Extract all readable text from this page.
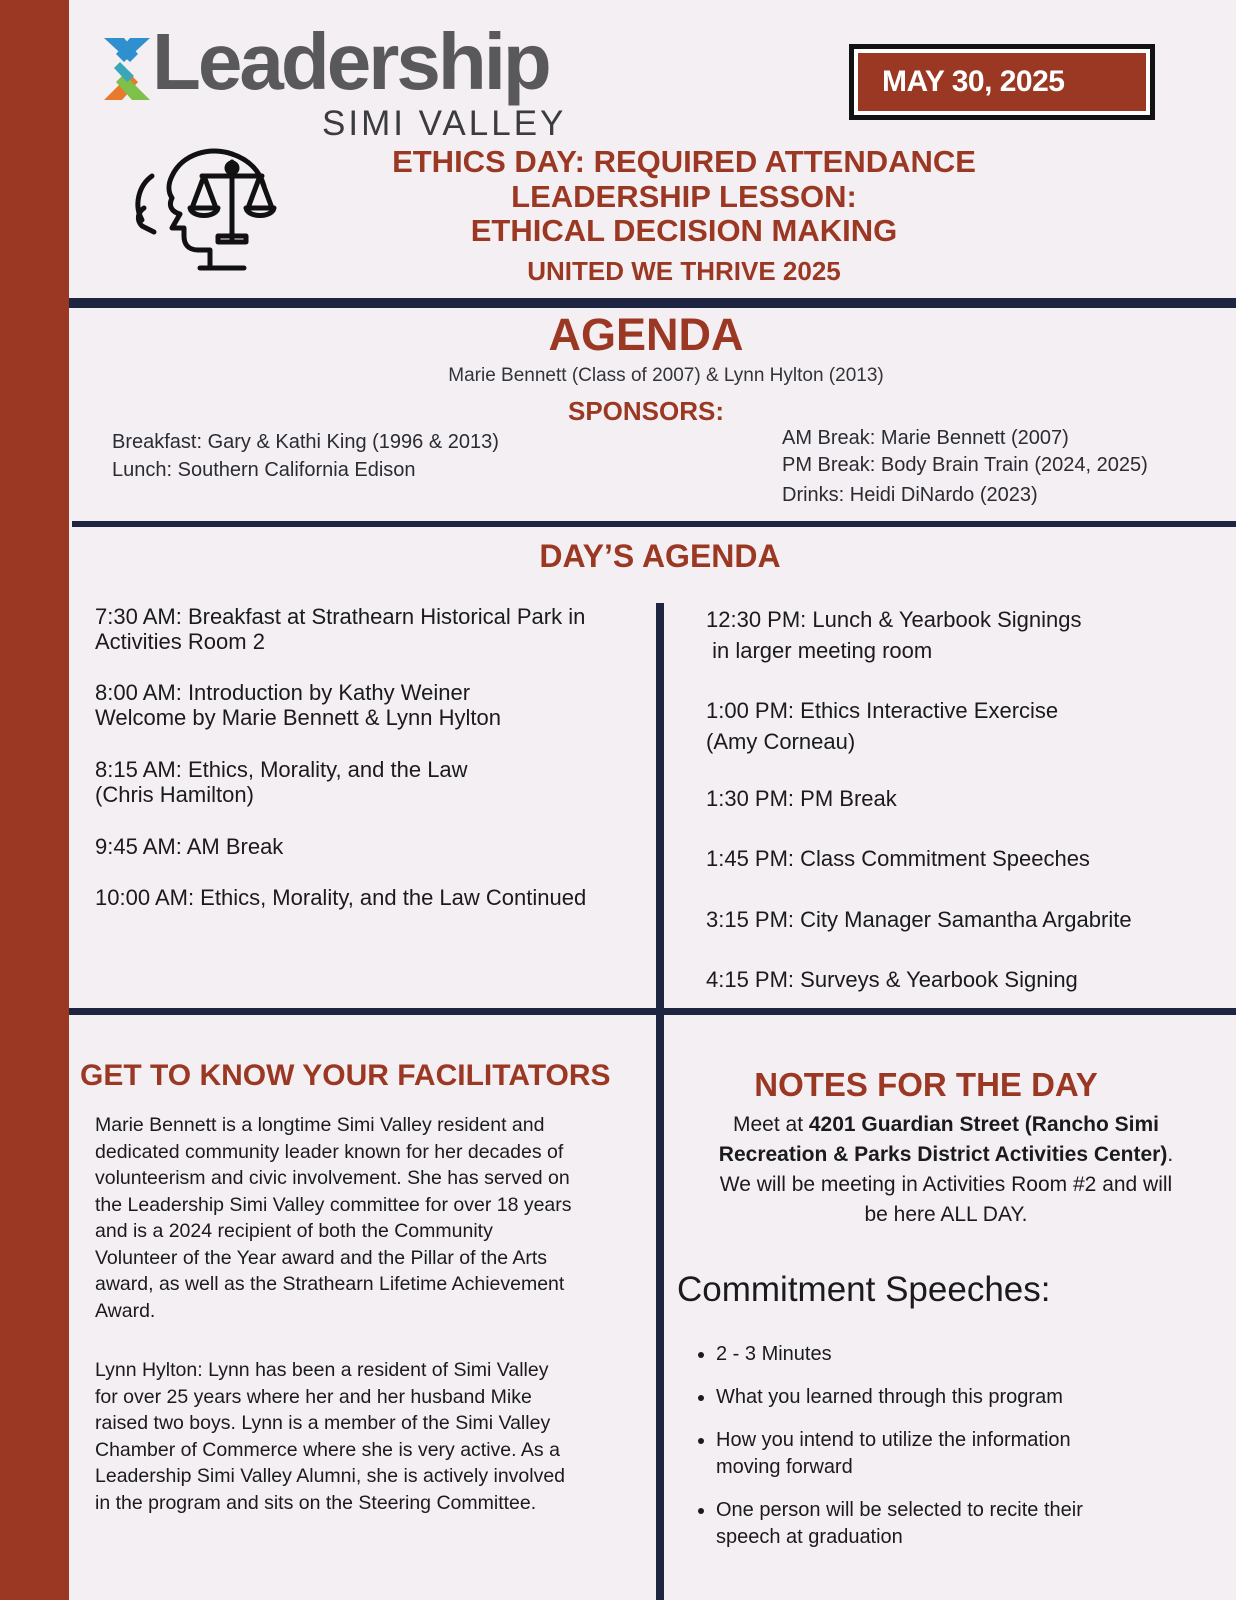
Leadership
SIMI VALLEY
MAY 30, 2025
ETHICS DAY: REQUIRED ATTENDANCE
LEADERSHIP LESSON:
ETHICAL DECISION MAKING
UNITED WE THRIVE 2025
AGENDA
Marie Bennett (Class of 2007) & Lynn Hylton (2013)
SPONSORS:
Breakfast: Gary & Kathi King (1996 & 2013)
Lunch: Southern California Edison
AM Break: Marie Bennett (2007)
PM Break: Body Brain Train (2024, 2025)
Drinks: Heidi DiNardo (2023)
DAY’S AGENDA
7:30 AM: Breakfast at Strathearn Historical Park in
Activities Room 2
8:00 AM: Introduction by Kathy Weiner
Welcome by Marie Bennett & Lynn Hylton
8:15 AM: Ethics, Morality, and the Law
(Chris Hamilton)
9:45 AM: AM Break
10:00 AM: Ethics, Morality, and the Law Continued
12:30 PM: Lunch & Yearbook Signings
in larger meeting room
1:00 PM: Ethics Interactive Exercise
(Amy Corneau)
1:30 PM: PM Break
1:45 PM: Class Commitment Speeches
3:15 PM: City Manager Samantha Argabrite
4:15 PM: Surveys & Yearbook Signing
GET TO KNOW YOUR FACILITATORS
Marie Bennett is a longtime Simi Valley resident and
dedicated community leader known for her decades of
volunteerism and civic involvement. She has served on
the Leadership Simi Valley committee for over 18 years
and is a 2024 recipient of both the Community
Volunteer of the Year award and the Pillar of the Arts
award, as well as the Strathearn Lifetime Achievement
Award.
Lynn Hylton: Lynn has been a resident of Simi Valley
for over 25 years where her and her husband Mike
raised two boys. Lynn is a member of the Simi Valley
Chamber of Commerce where she is very active. As a
Leadership Simi Valley Alumni, she is actively involved
in the program and sits on the Steering Committee.
NOTES FOR THE DAY
Meet at 4201 Guardian Street (Rancho Simi
Recreation & Parks District Activities Center).
We will be meeting in Activities Room #2 and will
be here ALL DAY.
Commitment Speeches:
• 2 - 3 Minutes
• What you learned through this program
• How you intend to utilize the information
moving forward
• One person will be selected to recite their
speech at graduation
